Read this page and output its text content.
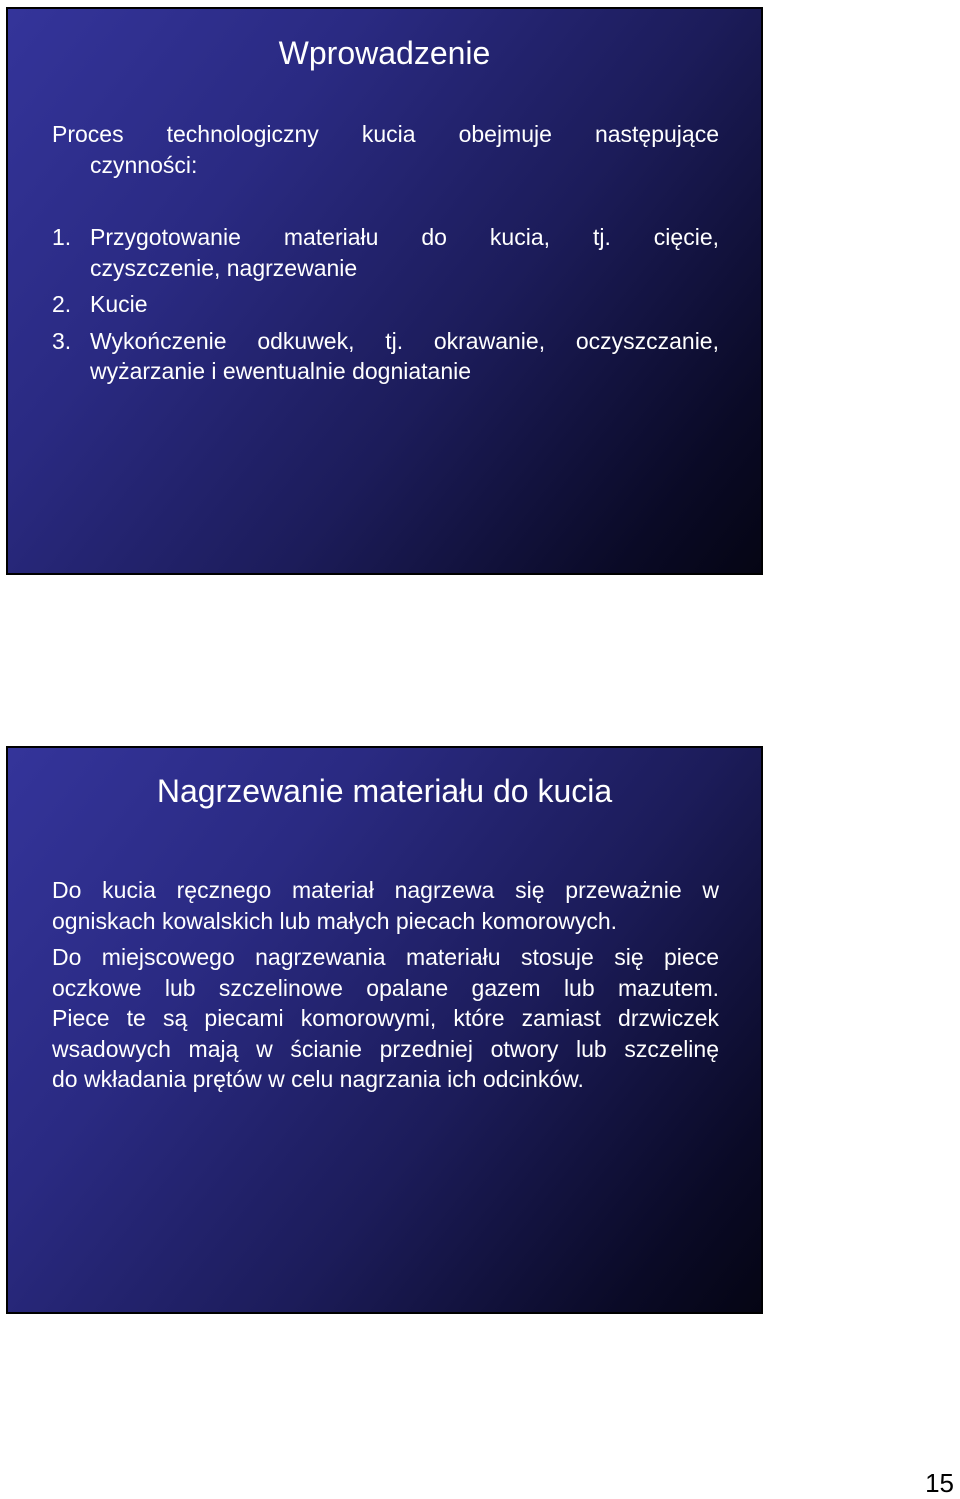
Wprowadzenie
Proces technologiczny kucia obejmuje następujące
czynności:
1. Przygotowanie materiału do kucia, tj. cięcie,
czyszczenie, nagrzewanie
2. Kucie
3. Wykończenie odkuwek, tj. okrawanie, oczyszczanie,
wyżarzanie i ewentualnie dogniatanie
Nagrzewanie materiału do kucia
Do kucia ręcznego materiał nagrzewa się przeważnie w
ogniskach kowalskich lub małych piecach komorowych.
Do miejscowego nagrzewania materiału stosuje się piece
oczkowe lub szczelinowe opalane gazem lub mazutem.
Piece te są piecami komorowymi, które zamiast drzwiczek
wsadowych mają w ścianie przedniej otwory lub szczelinę
do wkładania prętów w celu nagrzania ich odcinków.
15
